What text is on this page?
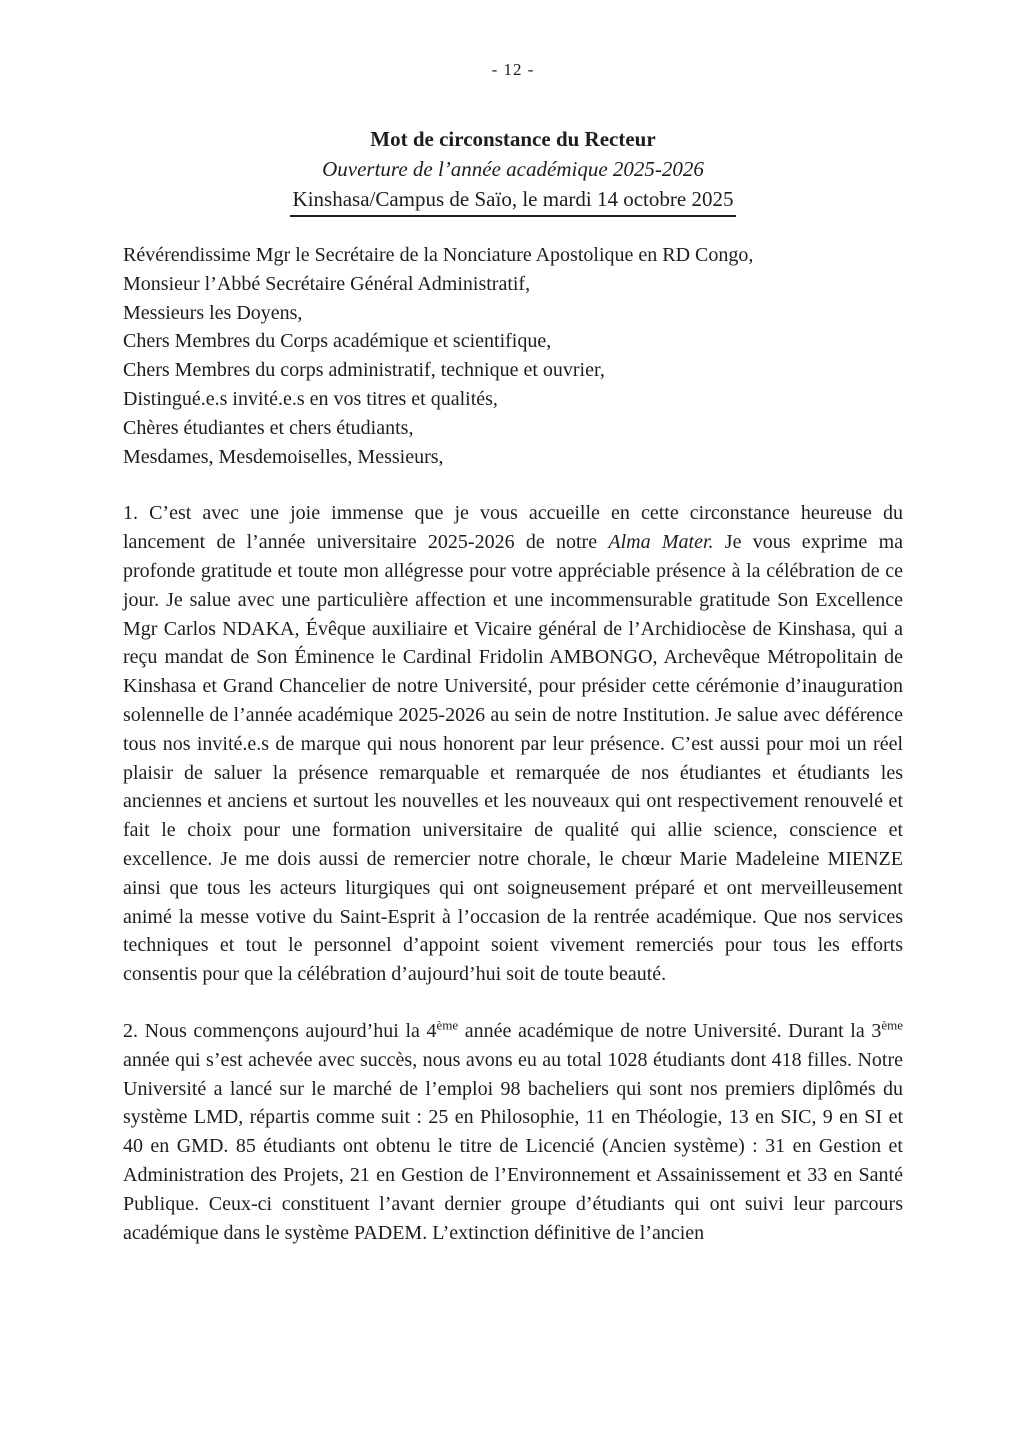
- 12 -
Mot de circonstance du Recteur
Ouverture de l’année académique 2025-2026
Kinshasa/Campus de Saïo, le mardi 14 octobre 2025
Révérendissime Mgr le Secrétaire de la Nonciature Apostolique en RD Congo,
Monsieur l’Abbé Secrétaire Général Administratif,
Messieurs les Doyens,
Chers Membres du Corps académique et scientifique,
Chers Membres du corps administratif, technique et ouvrier,
Distingué.e.s invité.e.s en vos titres et qualités,
Chères étudiantes et chers étudiants,
Mesdames, Mesdemoiselles, Messieurs,

1. C’est avec une joie immense que je vous accueille en cette circonstance heureuse du lancement de l’année universitaire 2025-2026 de notre Alma Mater. Je vous exprime ma profonde gratitude et toute mon allégresse pour votre appréciable présence à la célébration de ce jour. Je salue avec une particulière affection et une incommensurable gratitude Son Excellence Mgr Carlos NDAKA, Évêque auxiliaire et Vicaire général de l’Archidiocèse de Kinshasa, qui a reçu mandat de Son Éminence le Cardinal Fridolin AMBONGO, Archevêque Métropolitain de Kinshasa et Grand Chancelier de notre Université, pour présider cette cérémonie d’inauguration solennelle de l’année académique 2025-2026 au sein de notre Institution. Je salue avec déférence tous nos invité.e.s de marque qui nous honorent par leur présence. C’est aussi pour moi un réel plaisir de saluer la présence remarquable et remarquée de nos étudiantes et étudiants les anciennes et anciens et surtout les nouvelles et les nouveaux qui ont respectivement renouvelé et fait le choix pour une formation universitaire de qualité qui allie science, conscience et excellence. Je me dois aussi de remercier notre chorale, le chœur Marie Madeleine MIENZE ainsi que tous les acteurs liturgiques qui ont soigneusement préparé et ont merveilleusement animé la messe votive du Saint-Esprit à l’occasion de la rentrée académique. Que nos services techniques et tout le personnel d’appoint soient vivement remerciés pour tous les efforts consentis pour que la célébration d’aujourd’hui soit de toute beauté.

2. Nous commençons aujourd’hui la 4ème année académique de notre Université. Durant la 3ème année qui s’est achevée avec succès, nous avons eu au total 1028 étudiants dont 418 filles. Notre Université a lancé sur le marché de l’emploi 98 bacheliers qui sont nos premiers diplômés du système LMD, répartis comme suit : 25 en Philosophie, 11 en Théologie, 13 en SIC, 9 en SI et 40 en GMD. 85 étudiants ont obtenu le titre de Licencié (Ancien système) : 31 en Gestion et Administration des Projets, 21 en Gestion de l’Environnement et Assainissement et 33 en Santé Publique. Ceux-ci constituent l’avant dernier groupe d’étudiants qui ont suivi leur parcours académique dans le système PADEM. L’extinction définitive de l’ancien
